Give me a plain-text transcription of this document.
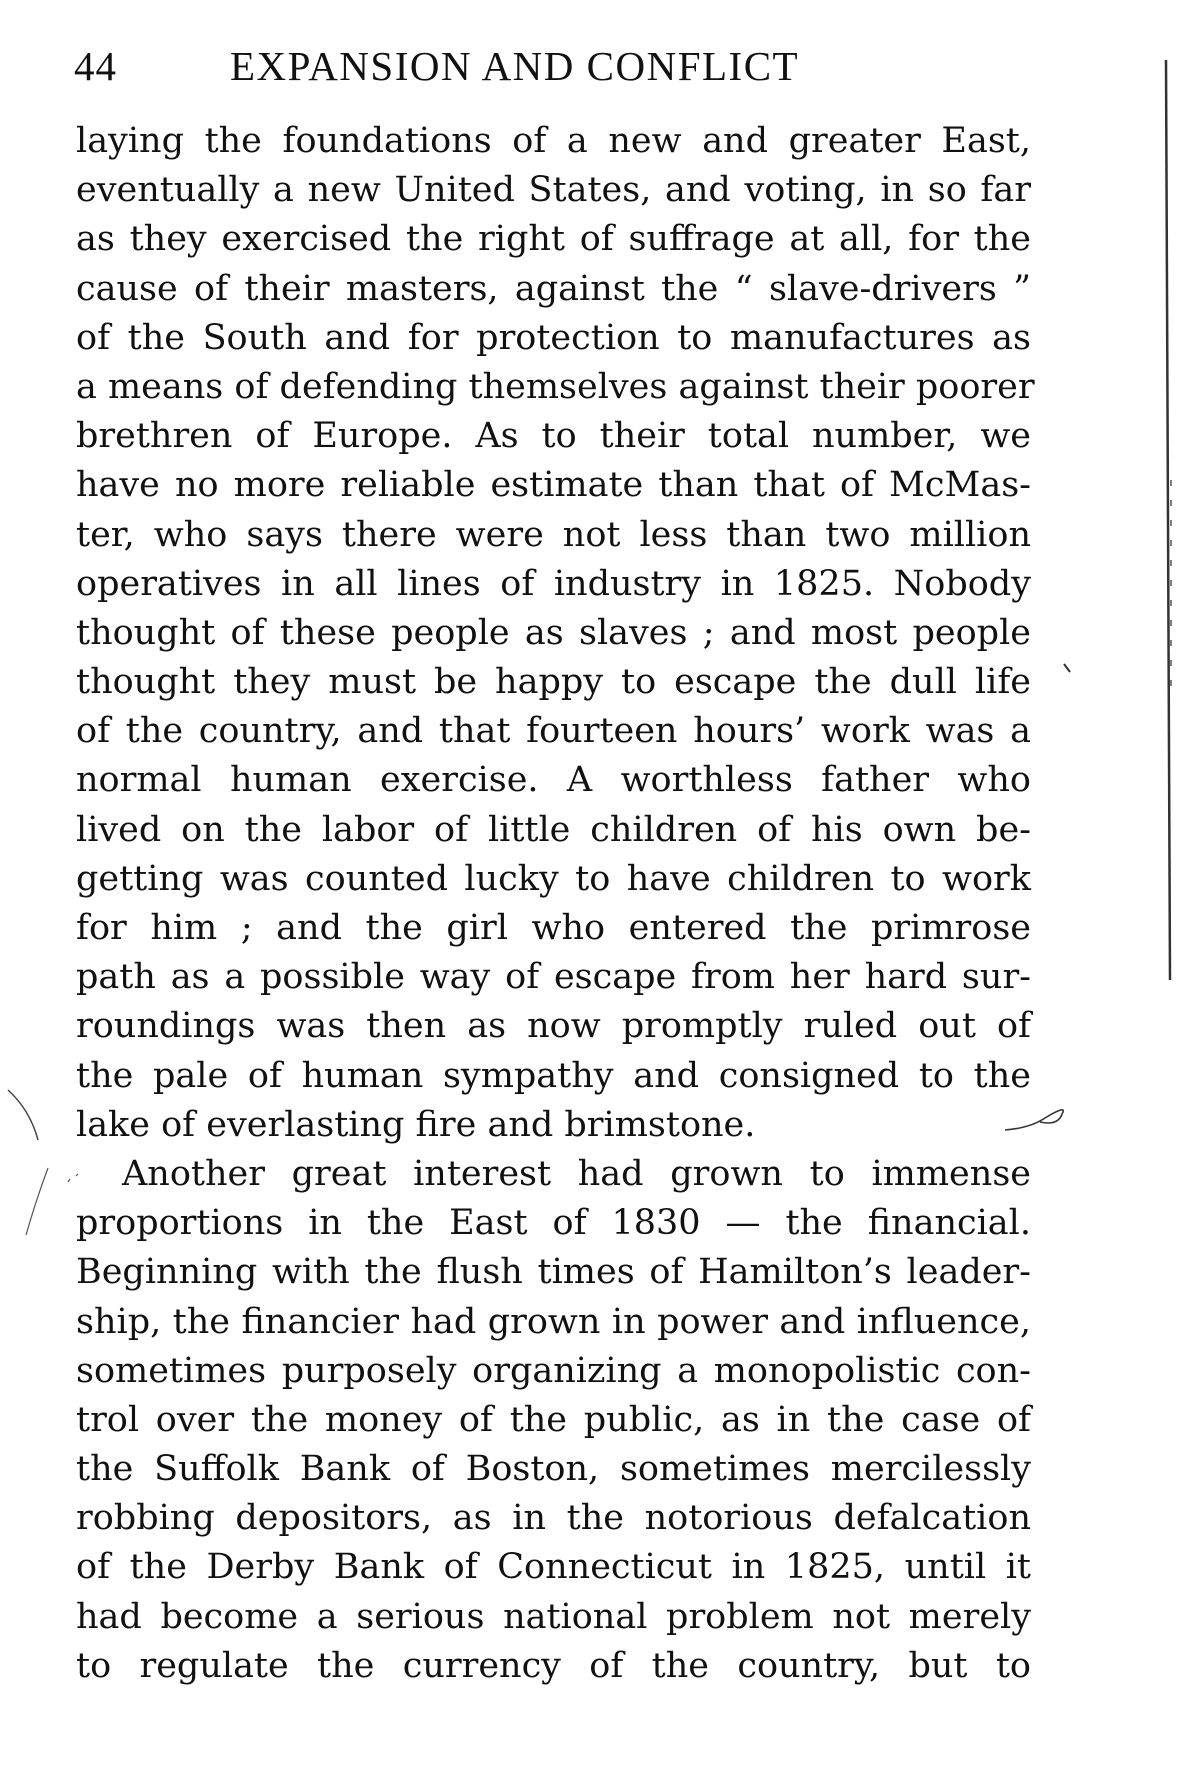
44	EXPANSION AND CONFLICT
laying the foundations of a new and greater East,
eventually a new United States, and voting, in so far
as they exercised the right of suffrage at all, for the
cause of their masters, against the “ slave-drivers ”
of the South and for protection to manufactures as
a means of defending themselves against their poorer
brethren of Europe. As to their total number, we
have no more reliable estimate than that of McMas-
ter, who says there were not less than two million
operatives in all lines of industry in 1825. Nobody
thought of these people as slaves ; and most people
thought they must be happy to escape the dull life
of the country, and that fourteen hours’ work was a
normal human exercise. A worthless father who
lived on the labor of little children of his own be-
getting was counted lucky to have children to work
for him ; and the girl who entered the primrose
path as a possible way of escape from her hard sur-
roundings was then as now promptly ruled out of
the pale of human sympathy and consigned to the
lake of everlasting fire and brimstone.
Another great interest had grown to immense
proportions in the East of 1830 — the financial.
Beginning with the flush times of Hamilton’s leader-
ship, the financier had grown in power and influence,
sometimes purposely organizing a monopolistic con-
trol over the money of the public, as in the case of
the Suffolk Bank of Boston, sometimes mercilessly
robbing depositors, as in the notorious defalcation
of the Derby Bank of Connecticut in 1825, until it
had become a serious national problem not merely
to regulate the currency of the country, but to
